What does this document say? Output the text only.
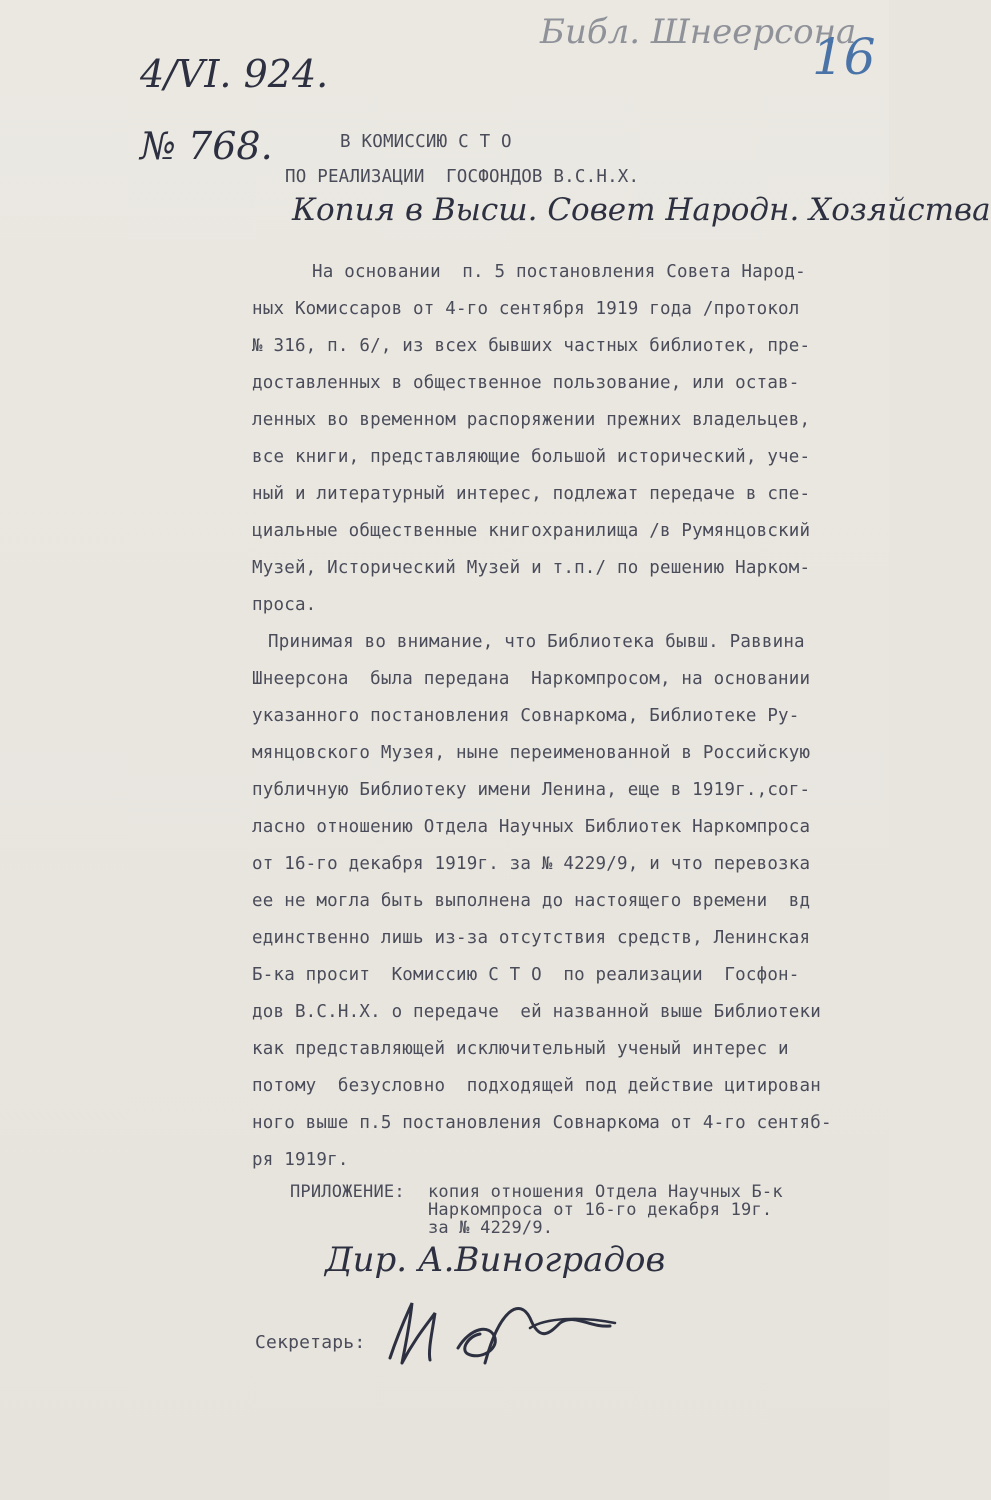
Библ. Шнеерсона
16
4/VI. 924.
№ 768.	В КОМИССИЮ С Т О
ПО РЕАЛИЗАЦИИ  ГОСФОНДОВ В.С.Н.Х.
Копия в Высш. Совет Народн. Хозяйства
На основании  п. 5 постановления Совета Народ-
ных Комиссаров от 4-го сентября 1919 года /протокол
№ 316, п. 6/, из всех бывших частных библиотек, пре-
доставленных в общественное пользование, или остав-
ленных во временном распоряжении прежних владельцев,
все книги, представляющие большой исторический, уче-
ный и литературный интерес, подлежат передаче в спе-
циальные общественные книгохранилища /в Румянцовский
Музей, Исторический Музей и т.п./ по решению Нарком-
проса.
Принимая во внимание, что Библиотека бывш. Раввина
Шнеерсона  была передана  Наркомпросом, на основании
указанного постановления Совнаркома, Библиотеке Ру-
мянцовского Музея, ныне переименованной в Российскую
публичную Библиотеку имени Ленина, еще в 1919г.,сог-
ласно отношению Отдела Научных Библиотек Наркомпроса
от 16-го декабря 1919г. за № 4229/9, и что перевозка
ее не могла быть выполнена до настоящего времени  вд
единственно лишь из-за отсутствия средств, Ленинская
Б-ка просит  Комиссию С Т О  по реализации  Госфон-
дов В.С.Н.Х. о передаче  ей названной выше Библиотеки
как представляющей исключительный ученый интерес и
потому  безусловно  подходящей под действие цитирован
ного выше п.5 постановления Совнаркома от 4-го сентяб-
ря 1919г.
ПРИЛОЖЕНИЕ: копия отношения Отдела Научных Б-к
Наркомпроса от 16-го декабря 19г.
за № 4229/9.
Дир. А.Виноградов
Секретарь:
